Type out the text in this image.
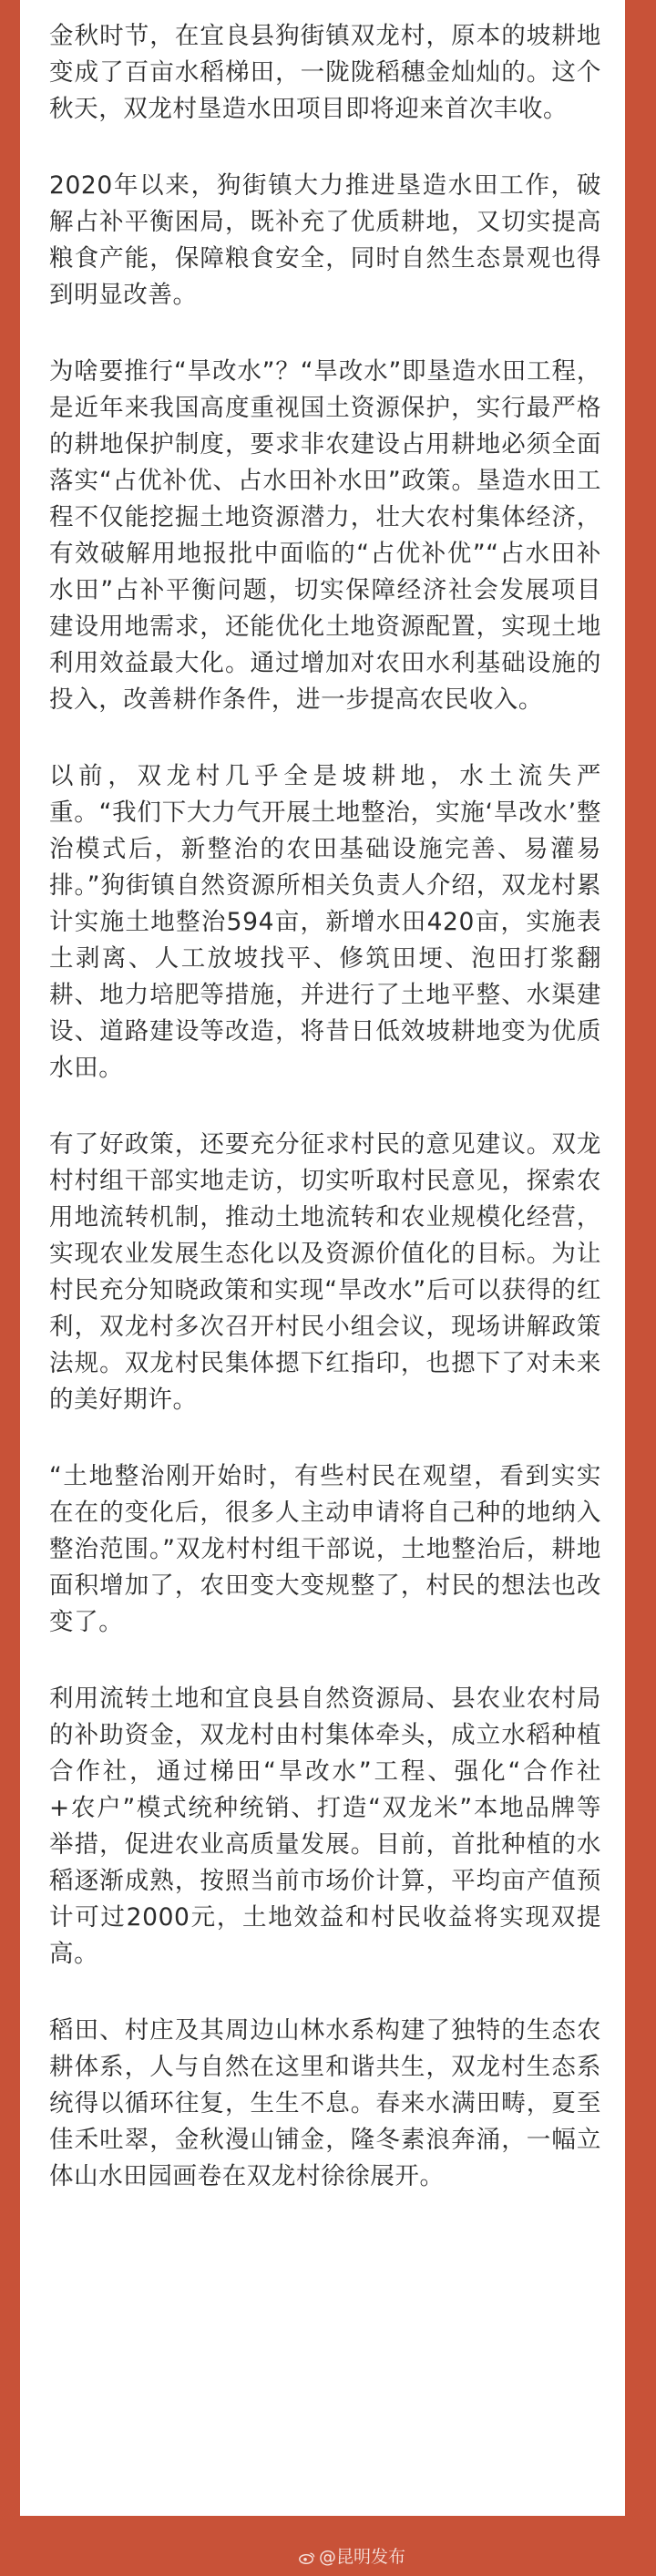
金秋时节，在宜良县狗街镇双龙村，原本的坡耕地变成了百亩水稻梯田，一陇陇稻穗金灿灿的。这个秋天，双龙村垦造水田项目即将迎来首次丰收。

2020年以来，狗街镇大力推进垦造水田工作，破解占补平衡困局，既补充了优质耕地，又切实提高粮食产能，保障粮食安全，同时自然生态景观也得到明显改善。

为啥要推行“旱改水”？“旱改水”即垦造水田工程，是近年来我国高度重视国土资源保护，实行最严格的耕地保护制度，要求非农建设占用耕地必须全面落实“占优补优、占水田补水田”政策。垦造水田工程不仅能挖掘土地资源潜力，壮大农村集体经济，有效破解用地报批中面临的“占优补优”“占水田补水田”占补平衡问题，切实保障经济社会发展项目建设用地需求，还能优化土地资源配置，实现土地利用效益最大化。通过增加对农田水利基础设施的投入，改善耕作条件，进一步提高农民收入。

以前，双龙村几乎全是坡耕地，水土流失严重。“我们下大力气开展土地整治，实施‘旱改水’整治模式后，新整治的农田基础设施完善、易灌易排。”狗街镇自然资源所相关负责人介绍，双龙村累计实施土地整治594亩，新增水田420亩，实施表土剥离、人工放坡找平、修筑田埂、泡田打浆翻耕、地力培肥等措施，并进行了土地平整、水渠建设、道路建设等改造，将昔日低效坡耕地变为优质水田。

有了好政策，还要充分征求村民的意见建议。双龙村村组干部实地走访，切实听取村民意见，探索农用地流转机制，推动土地流转和农业规模化经营，实现农业发展生态化以及资源价值化的目标。为让村民充分知晓政策和实现“旱改水”后可以获得的红利，双龙村多次召开村民小组会议，现场讲解政策法规。双龙村民集体摁下红指印，也摁下了对未来的美好期许。

“土地整治刚开始时，有些村民在观望，看到实实在在的变化后，很多人主动申请将自己种的地纳入整治范围。”双龙村村组干部说，土地整治后，耕地面积增加了，农田变大变规整了，村民的想法也改变了。

利用流转土地和宜良县自然资源局、县农业农村局的补助资金，双龙村由村集体牵头，成立水稻种植合作社，通过梯田“旱改水”工程、强化“合作社+农户”模式统种统销、打造“双龙米”本地品牌等举措，促进农业高质量发展。目前，首批种植的水稻逐渐成熟，按照当前市场价计算，平均亩产值预计可过2000元，土地效益和村民收益将实现双提高。

稻田、村庄及其周边山林水系构建了独特的生态农耕体系，人与自然在这里和谐共生，双龙村生态系统得以循环往复，生生不息。春来水满田畴，夏至佳禾吐翠，金秋漫山铺金，隆冬素浪奔涌，一幅立体山水田园画卷在双龙村徐徐展开。

@昆明发布
